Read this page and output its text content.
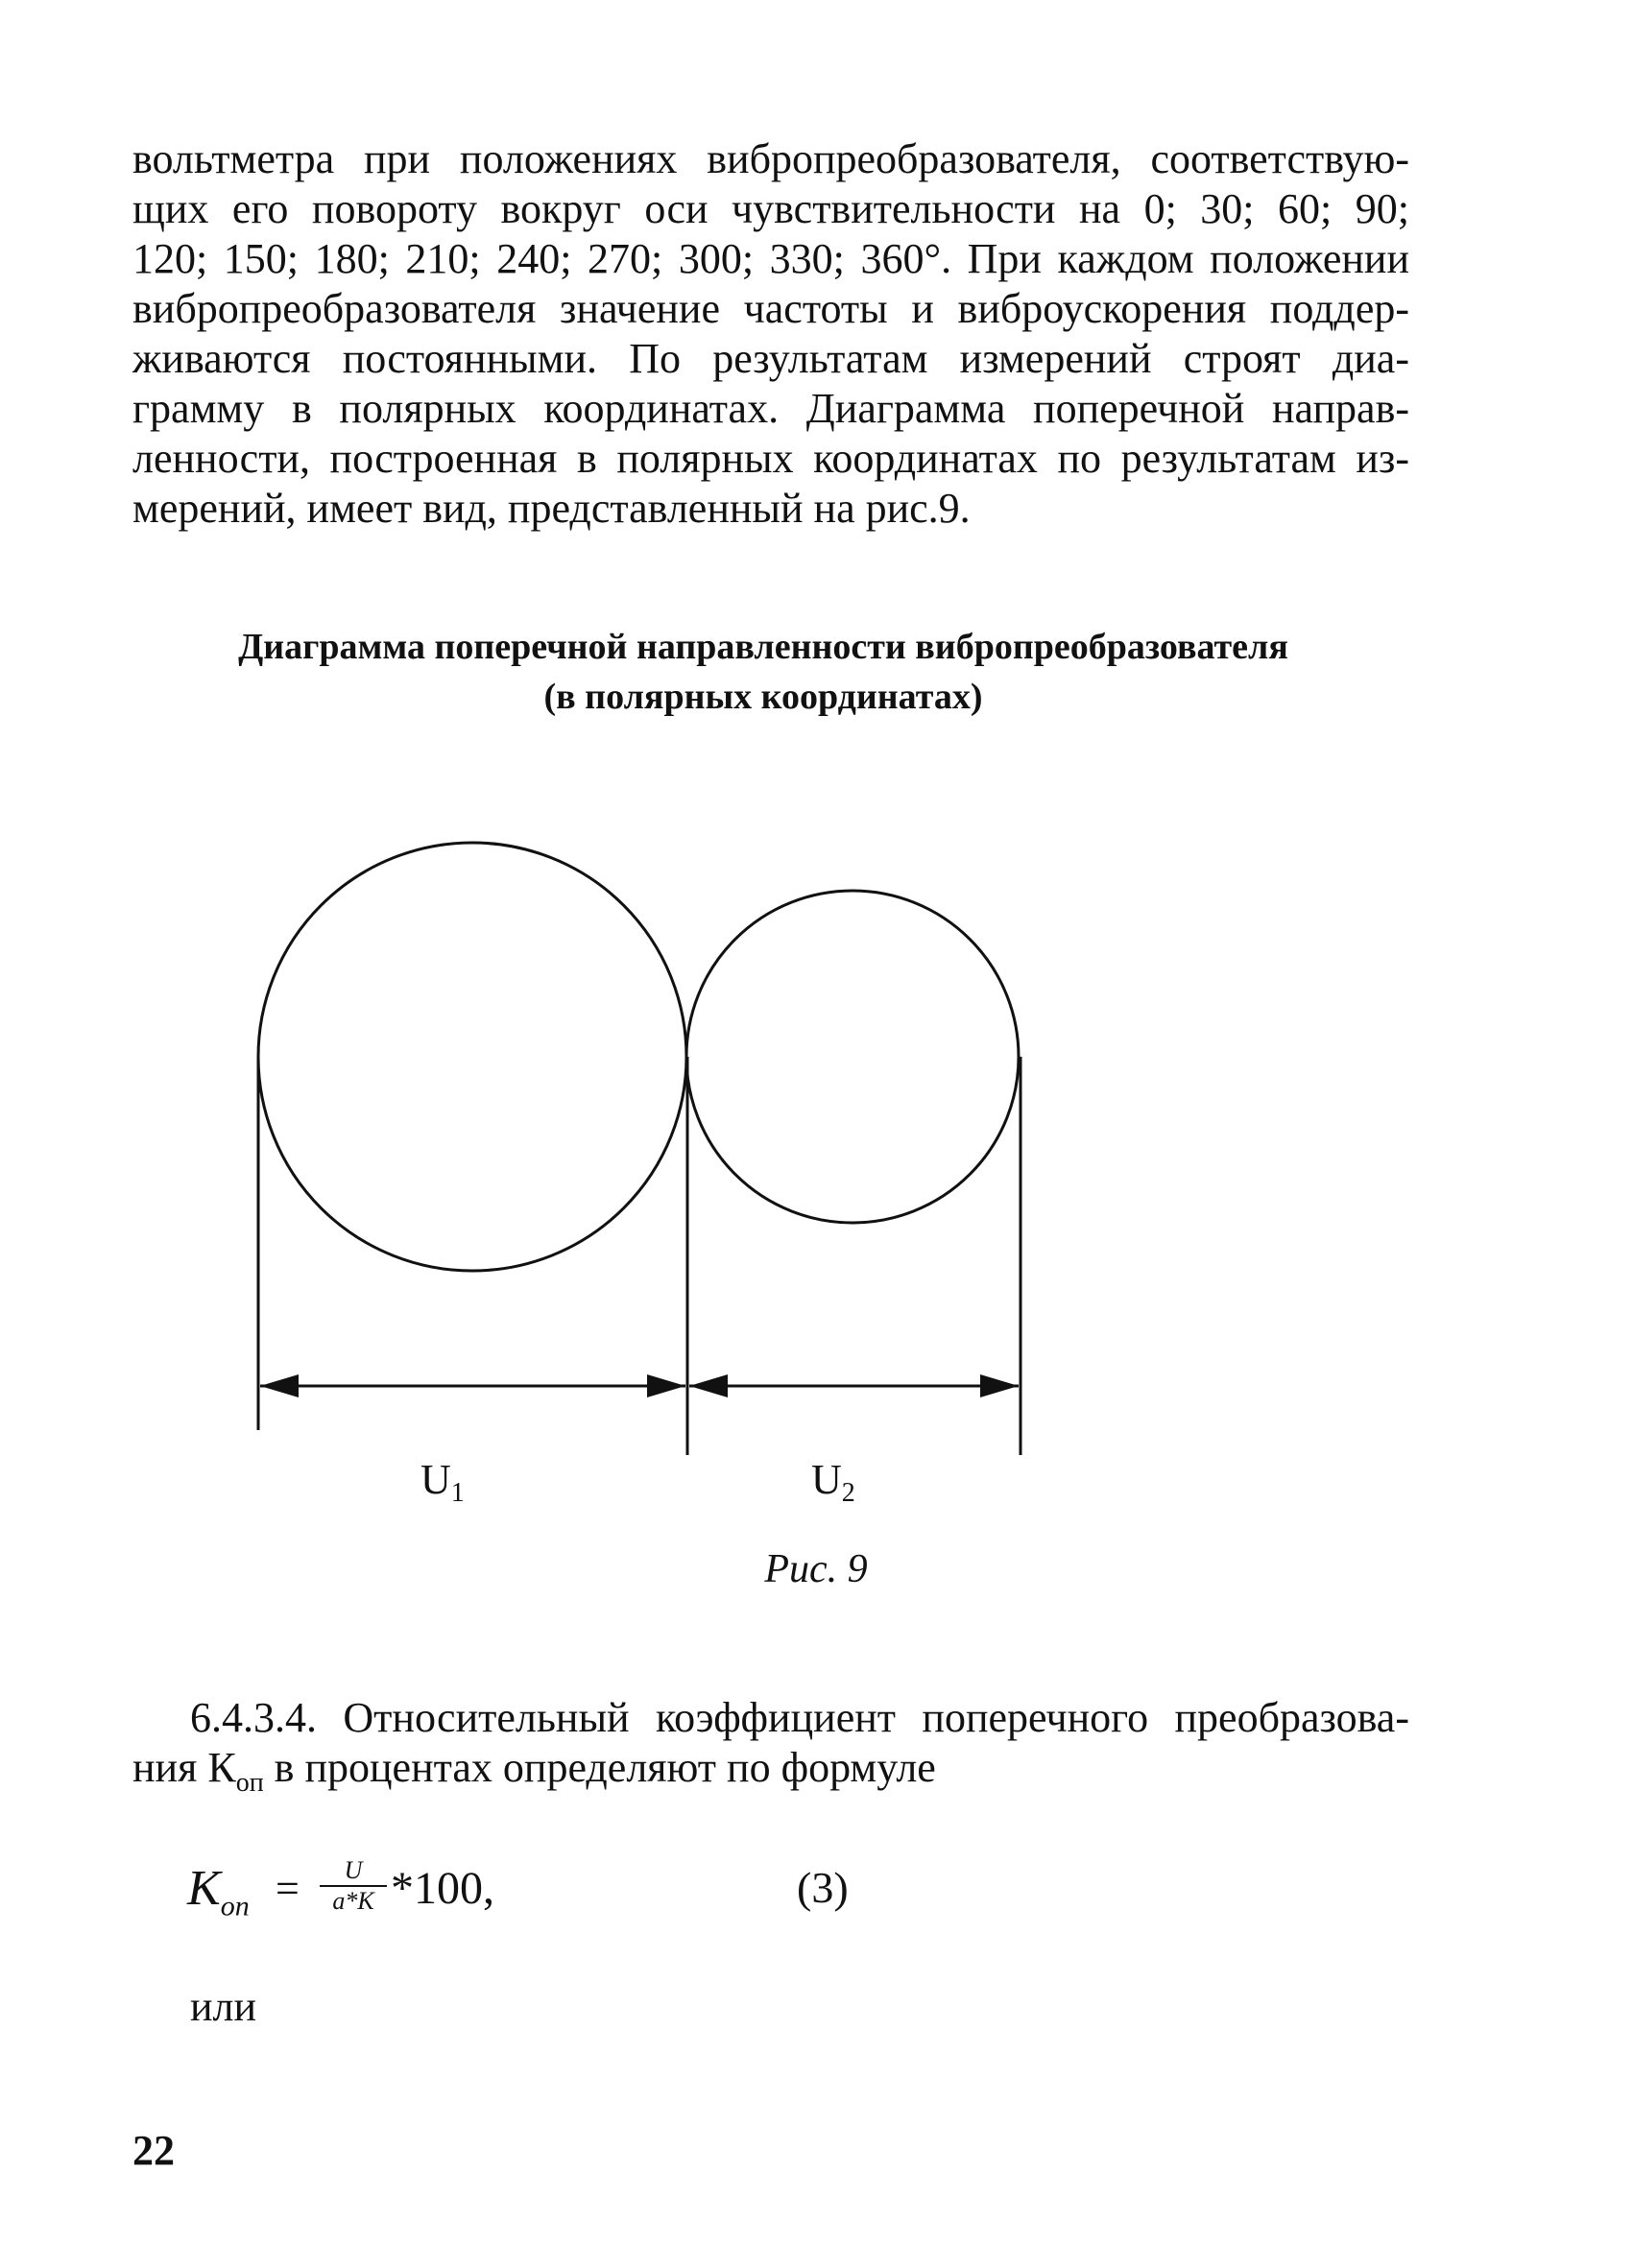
вольтметра при положениях вибропреобразователя, соответствую-
щих его повороту вокруг оси чувствительности на 0; 30; 60; 90;
120; 150; 180; 210; 240; 270; 300; 330; 360°. При каждом положении
вибропреобразователя значение частоты и виброускорения поддер-
живаются постоянными. По результатам измерений строят диа-
грамму в полярных координатах. Диаграмма поперечной направ-
ленности, построенная в полярных координатах по результатам из-
мерений, имеет вид, представленный на рис.9.
Диаграмма поперечной направленности вибропреобразователя
(в полярных координатах)
U1	U2
Рис. 9
6.4.3.4. Относительный коэффициент поперечного преобразова-
ния $К_{оп}$ в процентах определяют по формуле
$K_{оп} = \frac{U}{a*K} *100$,	(3)
или
22
